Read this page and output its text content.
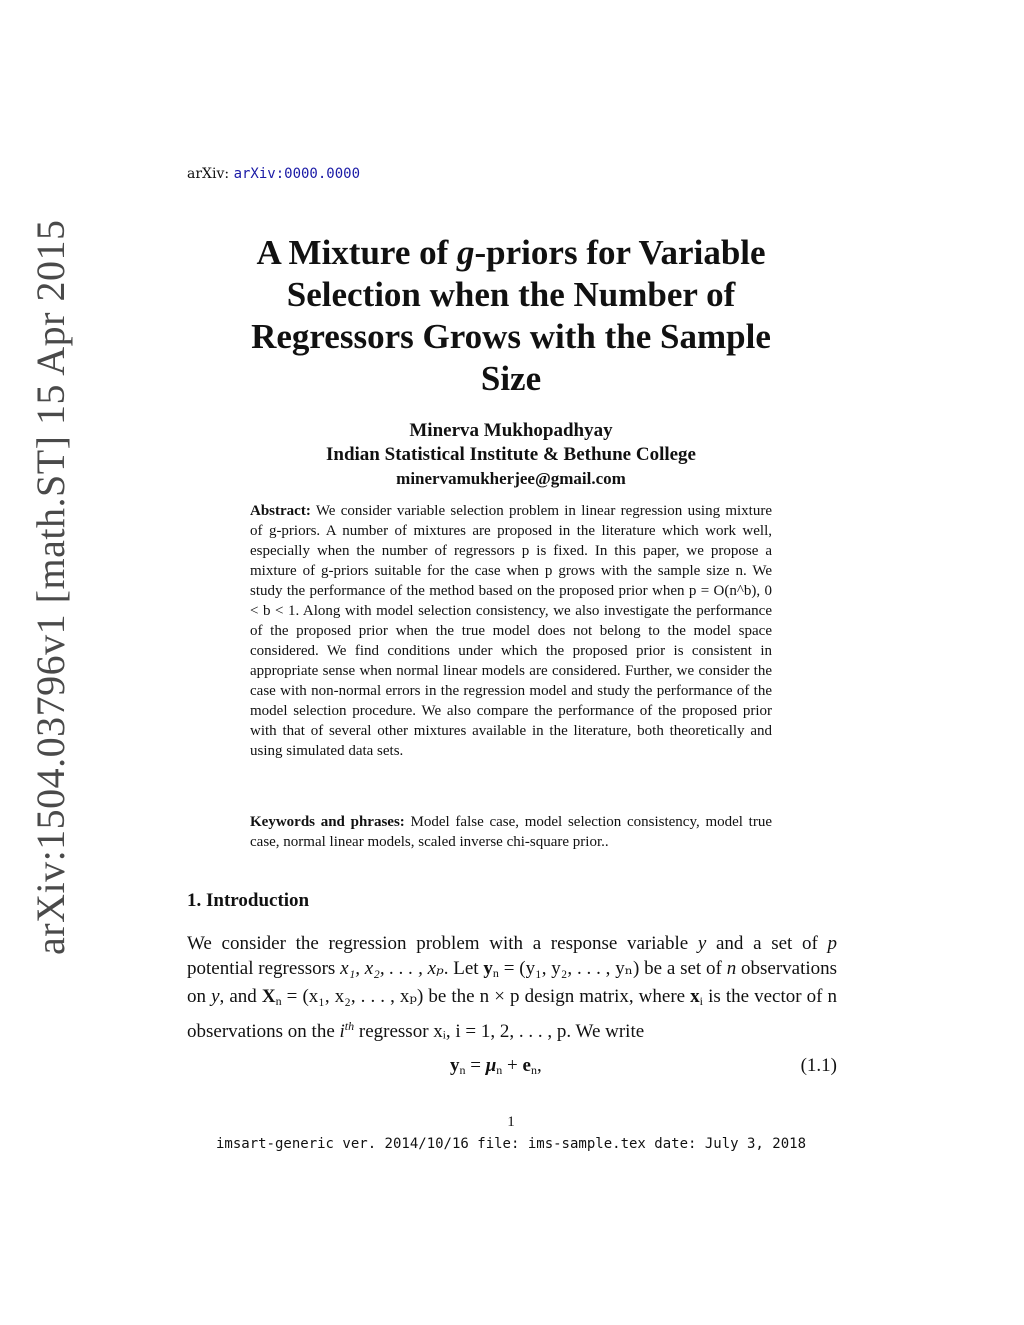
arXiv: arXiv:0000.0000
arXiv:1504.03796v1 [math.ST] 15 Apr 2015	A Mixture of g-priors for Variable
Selection when the Number of
Regressors Grows with the Sample
Size
Minerva Mukhopadhyay
Indian Statistical Institute & Bethune College
minervamukherjee@gmail.com
Abstract: We consider variable selection problem in linear regression using mixture of g-priors. A number of mixtures are proposed in the literature which work well, especially when the number of regressors p is fixed. In this paper, we propose a mixture of g-priors suitable for the case when p grows with the sample size n. We study the performance of the method based on the proposed prior when p = O(n^b), 0 < b < 1. Along with model selection consistency, we also investigate the performance of the proposed prior when the true model does not belong to the model space considered. We find conditions under which the proposed prior is consistent in appropriate sense when normal linear models are considered. Further, we consider the case with non-normal errors in the regression model and study the performance of the model selection procedure. We also compare the performance of the proposed prior with that of several other mixtures available in the literature, both theoretically and using simulated data sets.
Keywords and phrases: Model false case, model selection consistency, model true case, normal linear models, scaled inverse chi-square prior..
1. Introduction
We consider the regression problem with a response variable y and a set of p potential regressors x₁, x₂, . . . , xₚ. Let $y_n = (y_1$, y₂, . . . , yₙ) be a set of n observations on y, and $X_n = (x_1$, x₂, . . . , xₚ) be the n × p design matrix, where $x_i$ is the vector of n observations on the $i^{th}$ regressor xᵢ, i = 1, 2, . . . , p. We write
$y_n = \mu_n + e_n$,	(1.1)
1
imsart-generic ver. 2014/10/16 file: ims-sample.tex date: July 3, 2018
